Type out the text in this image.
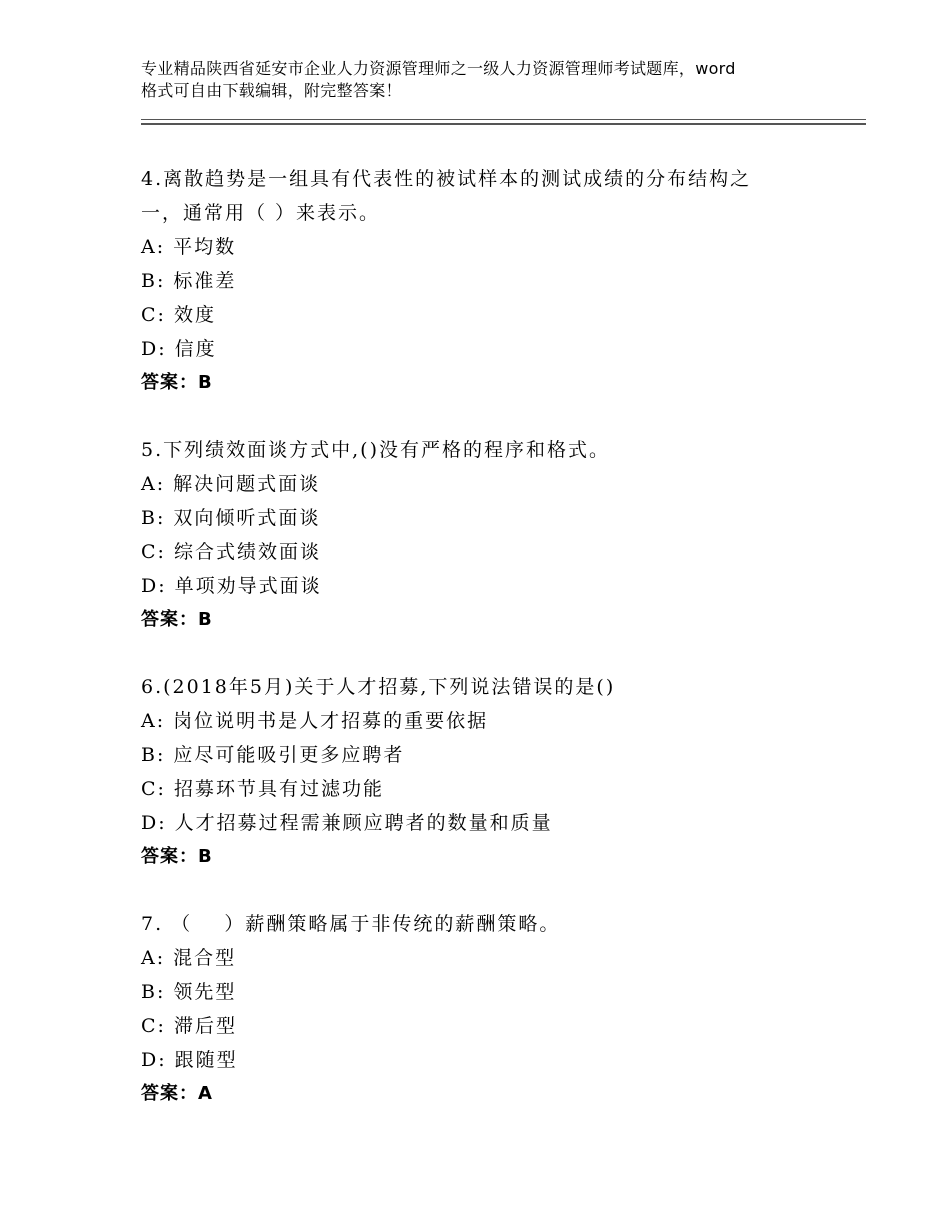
专业精品陕西省延安市企业人力资源管理师之一级人力资源管理师考试题库，word
格式可自由下载编辑，附完整答案！
4.离散趋势是一组具有代表性的被试样本的测试成绩的分布结构之
一，通常用（ ）来表示。
A: 平均数
B: 标准差
C: 效度
D: 信度
答案：B
5.下列绩效面谈方式中,()没有严格的程序和格式。
A: 解决问题式面谈
B: 双向倾听式面谈
C: 综合式绩效面谈
D: 单项劝导式面谈
答案：B
6.(2018年5月)关于人才招募,下列说法错误的是()
A: 岗位说明书是人才招募的重要依据
B: 应尽可能吸引更多应聘者
C: 招募环节具有过滤功能
D: 人才招募过程需兼顾应聘者的数量和质量
答案：B
7. （    ）薪酬策略属于非传统的薪酬策略。
A: 混合型
B: 领先型
C: 滞后型
D: 跟随型
答案：A
